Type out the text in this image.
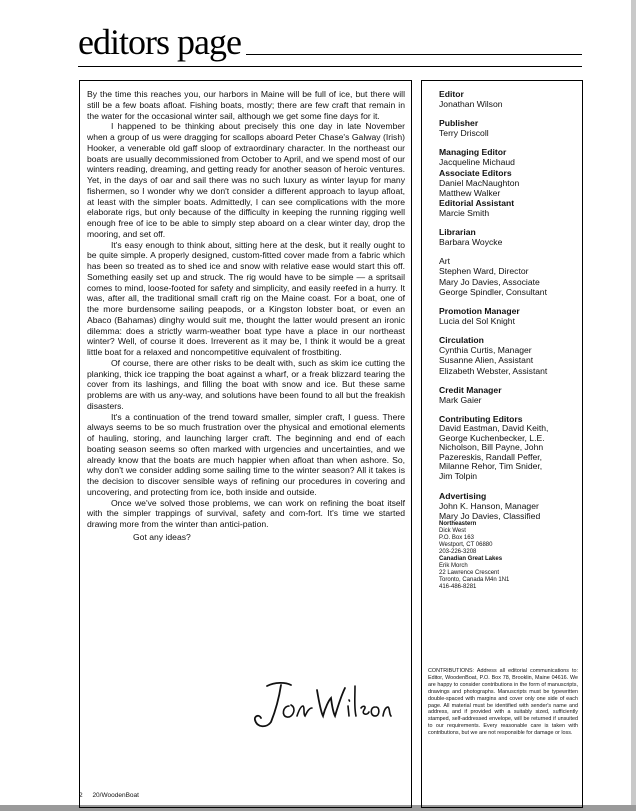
editors page

By the time this reaches you, our harbors in Maine will be full of ice, but there will still be a few boats afloat. Fishing boats, mostly; there are few craft that remain in the water for the occasional winter sail, although we get some fine days for it.

I happened to be thinking about precisely this one day in late November when a group of us were dragging for scallops aboard Peter Chase's Galway (Irish) Hooker, a venerable old gaff sloop of extraordinary character. In the northeast our boats are usually decommissioned from October to April, and we spend most of our winters reading, dreaming, and getting ready for another season of heroic ventures. Yet, in the days of oar and sail there was no such luxury as winter layup for many fishermen, so I wonder why we don't consider a different approach to layup afloat, at least with the simpler boats. Admittedly, I can see complications with the more elaborate rigs, but only because of the difficulty in keeping the running rigging well enough free of ice to be able to simply step aboard on a clear winter day, drop the mooring, and set off.

It's easy enough to think about, sitting here at the desk, but it really ought to be quite simple. A properly designed, custom-fitted cover made from a fabric which has been so treated as to shed ice and snow with relative ease would start this off. Something easily set up and struck. The rig would have to be simple — a spritsail comes to mind, loose-footed for safety and simplicity, and easily reefed in a hurry. It was, after all, the traditional small craft rig on the Maine coast. For a boat, one of the more burdensome sailing peapods, or a Kingston lobster boat, or even an Abaco (Bahamas) dinghy would suit me, thought the latter would present an ironic dilemma: does a strictly warm-weather boat type have a place in our northeast winter? Well, of course it does. Irreverent as it may be, I think it would be a great little boat for a relaxed and noncompetitive equivalent of frostbiting.

Of course, there are other risks to be dealt with, such as skim ice cutting the planking, thick ice trapping the boat against a wharf, or a freak blizzard tearing the cover from its lashings, and filling the boat with snow and ice. But these same problems are with us any-way, and solutions have been found to all but the freakish disasters.

It's a continuation of the trend toward smaller, simpler craft, I guess. There always seems to be so much frustration over the physical and emotional elements of hauling, storing, and launching larger craft. The beginning and end of each boating season seems so often marked with urgencies and uncertainties, and we already know that the boats are much happier when afloat than when ashore. So, why don't we consider adding some sailing time to the winter season? All it takes is the decision to discover sensible ways of refining our procedures in covering and uncovering, and protecting from ice, both inside and outside.

Once we've solved those problems, we can work on refining the boat itself with the simpler trappings of survival, safety and com-fort. It's time we started drawing more from the winter than antici-pation.

Got any ideas?

Editor
Jonathan Wilson
Publisher
Terry Driscoll
Managing Editor
Jacqueline Michaud
Associate Editors
Daniel MacNaughton
Matthew Walker
Editorial Assistant
Marcie Smith
Librarian
Barbara Woycke
Art
Stephen Ward, Director
Mary Jo Davies, Associate
George Spindler, Consultant
Promotion Manager
Lucia del Sol Knight
Circulation
Cynthia Curtis, Manager
Susanne Alien, Assistant
Elizabeth Webster, Assistant
Credit Manager
Mark Gaier
Contributing Editors
David Eastman, David Keith,
George Kuchenbecker, L.E.
Nicholson, Bill Payne, John
Pazereskis, Randall Peffer,
Milanne Rehor, Tim Snider,
Jim Tolpin
Advertising
John K. Hanson, Manager
Mary Jo Davies, Classified
Northeastern
Dick West
P.O. Box 163
Westport, CT 06880
203-226-3208
Canadian Great Lakes
Erik Morch
22 Lawrence Crescent
Toronto, Canada M4n 1N1
416-486-8281
CONTRIBUTIONS: Address all editorial communications to: Editor, WoodenBoat, P.O. Box 78, Brooklin, Maine 04616. We are happy to consider contributions in the form of manuscripts, drawings and photographs. Manuscripts must be typewritten double-spaced with margins and cover only one side of each page. All material must be identified with sender's name and address, and if provided with a suitably sized, sufficiently stamped, self-addressed envelope, will be returned if unsuited to our requirements. Every reasonable care is taken with contributions, but we are not responsible for damage or loss.
2 20/WoodenBoat
